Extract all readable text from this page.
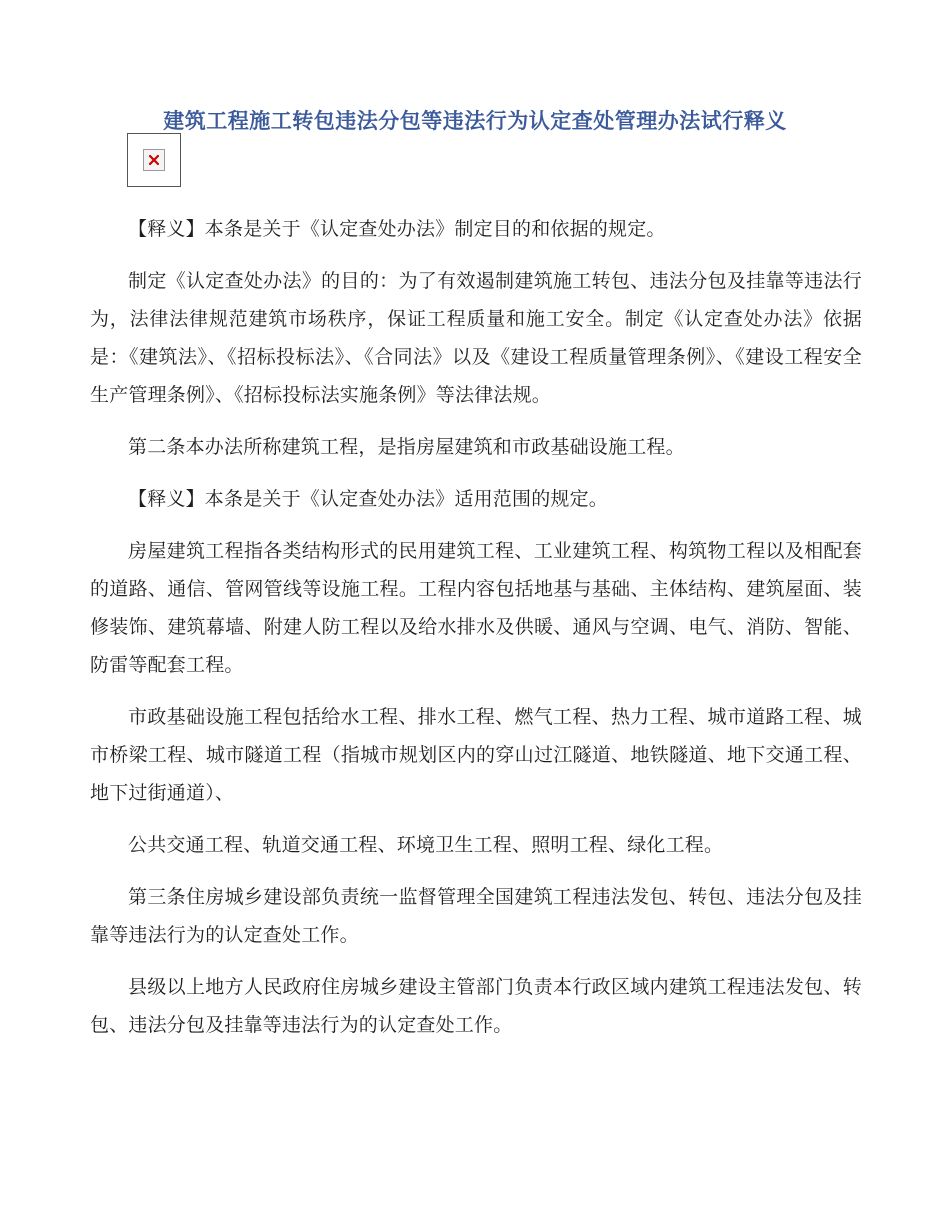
建筑工程施工转包违法分包等违法行为认定查处管理办法试行释义

【释义】本条是关于《认定查处办法》制定目的和依据的规定。

制定《认定查处办法》的目的：为了有效遏制建筑施工转包、违法分包及挂靠等违法行为，法律法律规范建筑市场秩序，保证工程质量和施工安全。制定《认定查处办法》依据是：《建筑法》、《招标投标法》、《合同法》以及《建设工程质量管理条例》、《建设工程安全生产管理条例》、《招标投标法实施条例》等法律法规。

第二条本办法所称建筑工程，是指房屋建筑和市政基础设施工程。

【释义】本条是关于《认定查处办法》适用范围的规定。

房屋建筑工程指各类结构形式的民用建筑工程、工业建筑工程、构筑物工程以及相配套的道路、通信、管网管线等设施工程。工程内容包括地基与基础、主体结构、建筑屋面、装修装饰、建筑幕墙、附建人防工程以及给水排水及供暖、通风与空调、电气、消防、智能、防雷等配套工程。

市政基础设施工程包括给水工程、排水工程、燃气工程、热力工程、城市道路工程、城市桥梁工程、城市隧道工程（指城市规划区内的穿山过江隧道、地铁隧道、地下交通工程、地下过街通道）、

公共交通工程、轨道交通工程、环境卫生工程、照明工程、绿化工程。

第三条住房城乡建设部负责统一监督管理全国建筑工程违法发包、转包、违法分包及挂靠等违法行为的认定查处工作。

县级以上地方人民政府住房城乡建设主管部门负责本行政区域内建筑工程违法发包、转包、违法分包及挂靠等违法行为的认定查处工作。
